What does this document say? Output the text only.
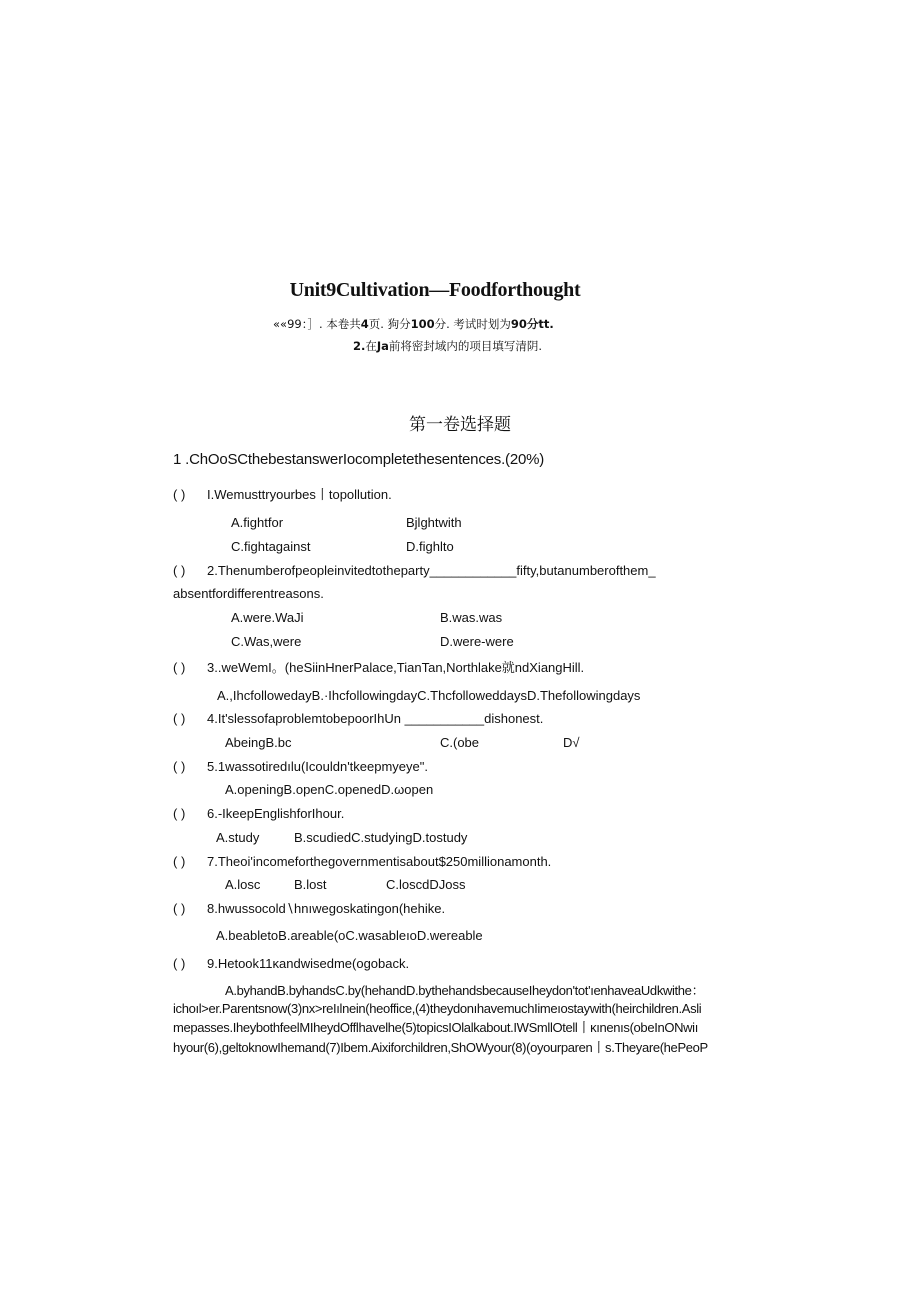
Unit9Cultivation—Foodforthought
««99：］. 本卷共4页. 狗分100分. 考试时划为90分tt.
2.在Ja前将密封域内的项目填写清阴.
第一卷选择题
1 .ChOoSCthebestanswerIocompletethesentences.(20%)
( ) I.Wemusttryourbes丨topollution.
A.fightfor	Bjlghtwith
C.fightagainst	D.fighlto
( ) 2.Thenumberofpeopleinvitedtotheparty____________fifty,butanumberofthem_
absentfordifferentreasons.
A.were.WaJi	B.was.was
C.Was,were	D.were-were
( ) 3..weWemI。(heSiinHnerPalace,TianTan,Northlake就ndXiangHill.
A.,IhcfollowedayB.·IhcfollowingdayC.ThcfolloweddaysD.Thefollowingdays
( ) 4.It'slessofaproblemtobepoorIhUn ___________dishonest.
AbeingB.bc	C.(obe	D√
( ) 5.1wassotiredılu(Icouldn'tkeepmyeye".
A.openingB.openC.openedD.ωopen
( ) 6.-IkeepEnglishforIhour.
A.study	B.scudiedC.studyingD.tostudy
( ) 7.Theoi'incomeforthegovernmentisabout$250millionamonth.
A.losc	B.lost	C.loscdDJoss
( ) 8.hwussocold∖hnıwegoskatingon(hehike.
A.beabletoB.areable(oC.wasableıoD.wereable
( ) 9.Hetook11κandwisedme(ogoback.
A.byhandB.byhandsC.by(hehandD.bythehandsbecauseIheydon'tot'ıenhaveaUdkwithe：
ichoıl>er.Parentsnow(3)nx>reIılnein(heoffice,(4)theydonıhavemuchIimeıostaywith(heirchildren.Asli
mepasses.IheybothfeelMIheydOfflhavelhe(5)topicsIOlalkabout.IWSmllOtell丨κınenıs(obeInONwiı
hyour(6),geltoknowIhemand(7)Ibem.Aixiforchildren,ShOWyour(8)(oyourparen丨s.Theyare(hePeoP
